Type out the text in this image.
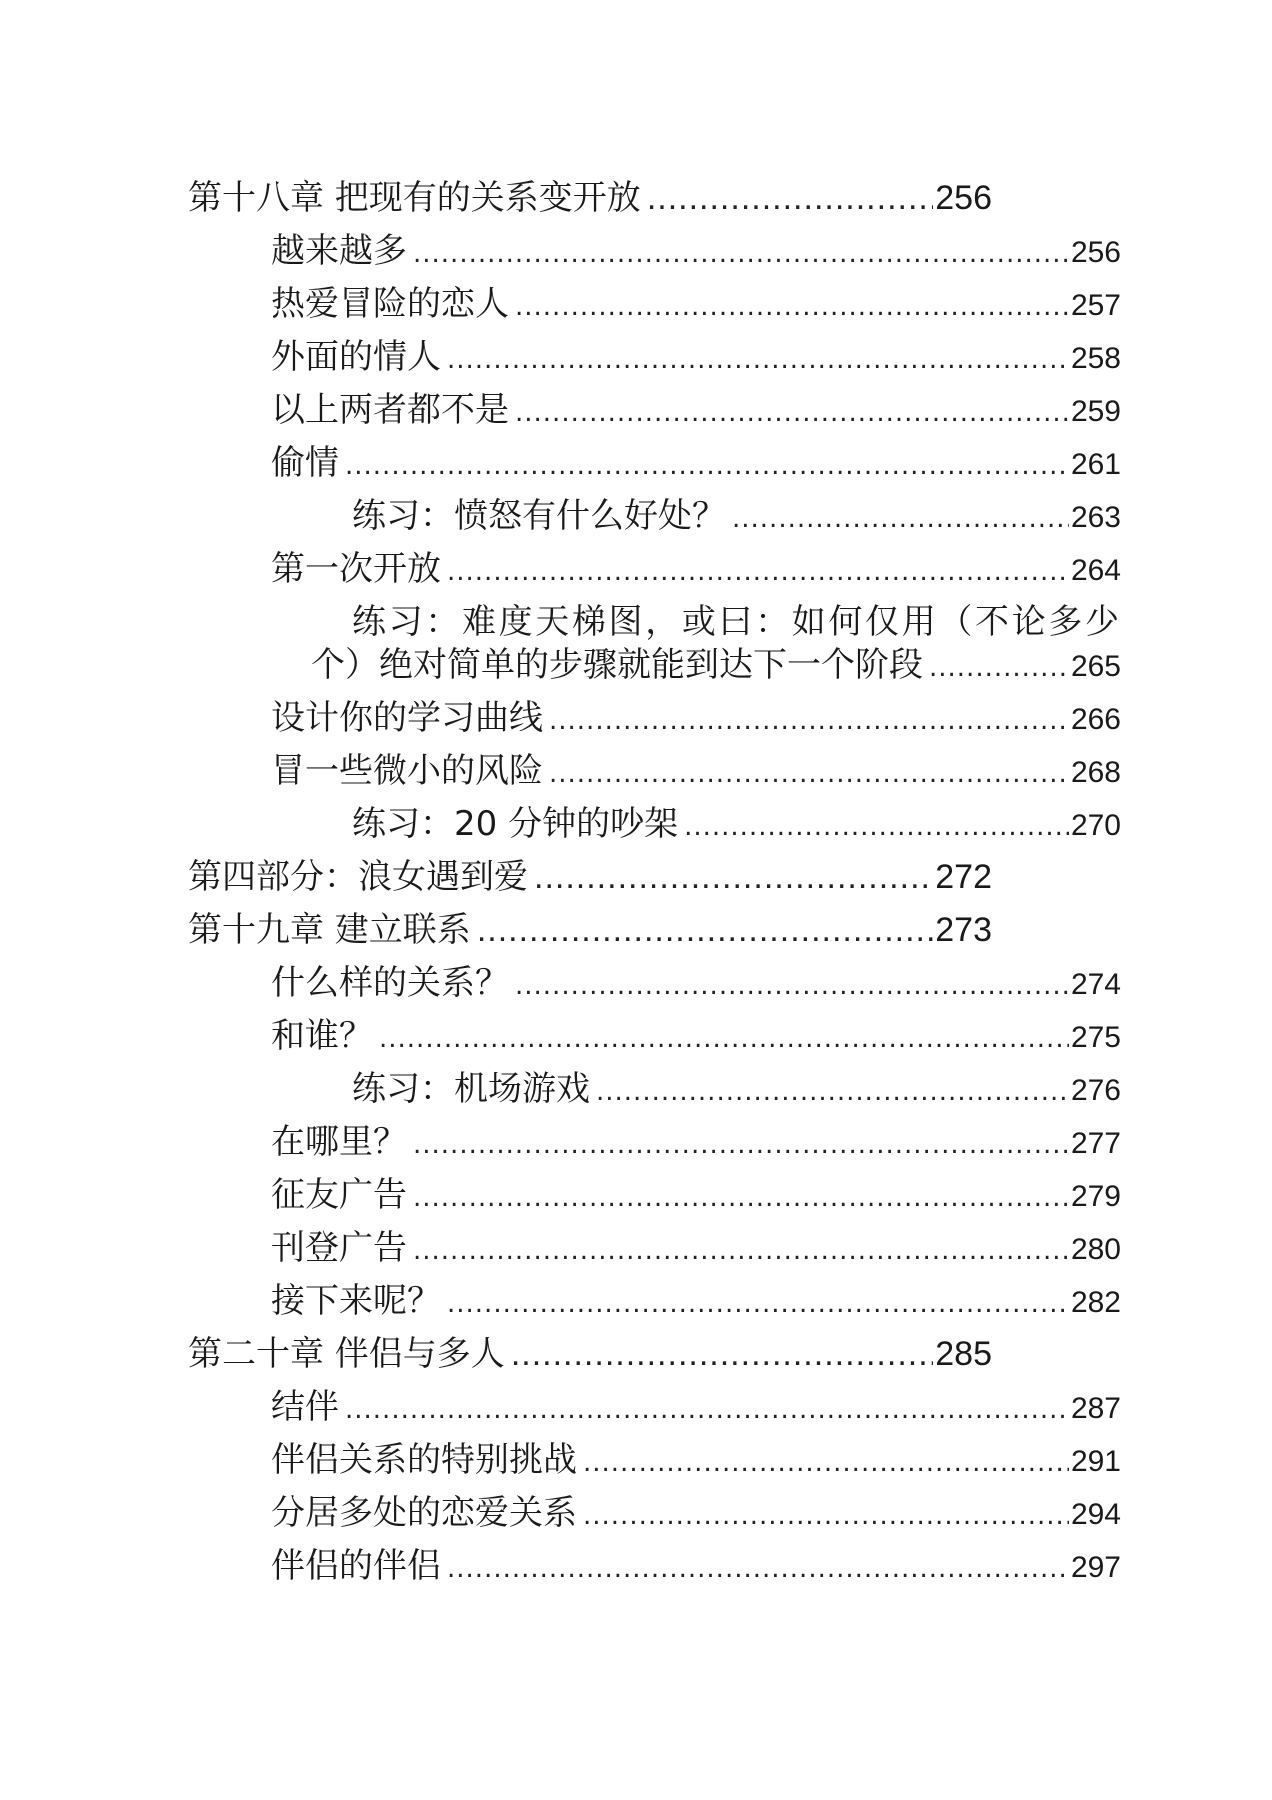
第十八章 把现有的关系变开放 .....	256
越来越多 .....	256
热爱冒险的恋人 .....	257
外面的情人 .....	258
以上两者都不是 .....	259
偷情 .....	261
练习：愤怒有什么好处？ .....	263
第一次开放 .....	264
练习：难度天梯图，或曰：如何仅用（不论多少
个）绝对简单的步骤就能到达下一个阶段 .....	265
设计你的学习曲线 .....	266
冒一些微小的风险 .....	268
练习：20 分钟的吵架 .....	270
第四部分：浪女遇到爱 .....	272
第十九章 建立联系 .....	273
什么样的关系？ .....	274
和谁？ .....	275
练习：机场游戏 .....	276
在哪里？ .....	277
征友广告 .....	279
刊登广告 .....	280
接下来呢？ .....	282
第二十章 伴侣与多人 .....	285
结伴 .....	287
伴侣关系的特别挑战 .....	291
分居多处的恋爱关系 .....	294
伴侣的伴侣 .....	297
